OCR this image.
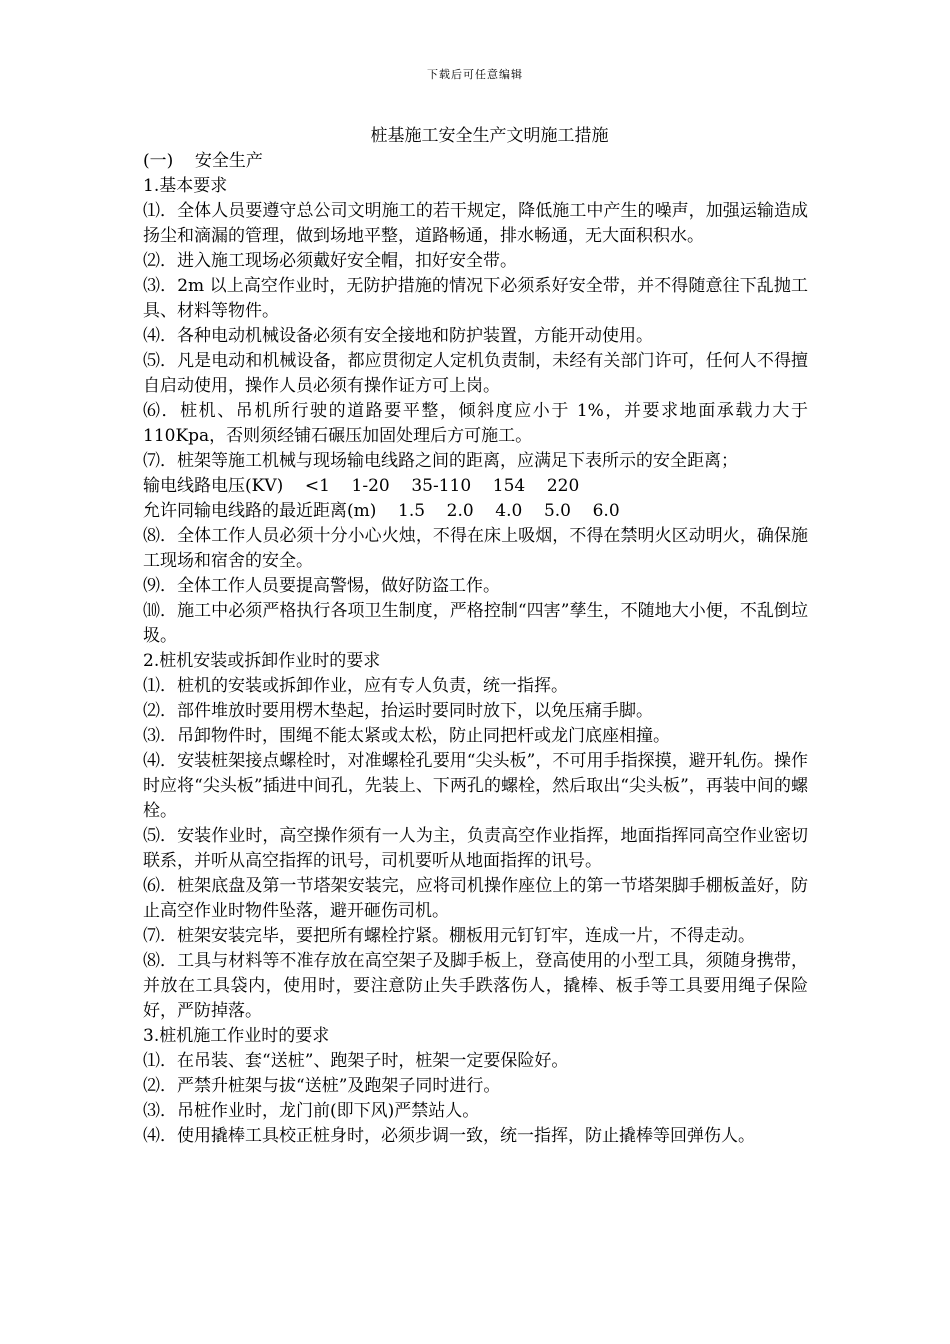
下载后可任意编辑
桩基施工安全生产文明施工措施

(一)    安全生产

1.基本要求

⑴．全体人员要遵守总公司文明施工的若干规定，降低施工中产生的噪声，加强运输造成扬尘和滴漏的管理，做到场地平整，道路畅通，排水畅通，无大面积积水。

⑵．进入施工现场必须戴好安全帽，扣好安全带。

⑶．2m 以上高空作业时，无防护措施的情况下必须系好安全带，并不得随意往下乱抛工具、材料等物件。

⑷．各种电动机械设备必须有安全接地和防护装置，方能开动使用。

⑸．凡是电动和机械设备，都应贯彻定人定机负责制，未经有关部门许可，任何人不得擅自启动使用，操作人员必须有操作证方可上岗。

⑹．桩机、吊机所行驶的道路要平整，倾斜度应小于 1%，并要求地面承载力大于 110Kpa，否则须经铺石碾压加固处理后方可施工。

⑺．桩架等施工机械与现场输电线路之间的距离，应满足下表所示的安全距离；

输电线路电压(KV)    <1    1-20    35-110    154    220

允许同输电线路的最近距离(m)    1.5    2.0    4.0    5.0    6.0

⑻．全体工作人员必须十分小心火烛，不得在床上吸烟，不得在禁明火区动明火，确保施工现场和宿舍的安全。

⑼．全体工作人员要提高警惕，做好防盗工作。

⑽．施工中必须严格执行各项卫生制度，严格控制“四害”孳生，不随地大小便，不乱倒垃圾。

2.桩机安装或拆卸作业时的要求

⑴．桩机的安装或拆卸作业，应有专人负责，统一指挥。

⑵．部件堆放时要用楞木垫起，抬运时要同时放下，以免压痛手脚。

⑶．吊卸物件时，围绳不能太紧或太松，防止同把杆或龙门底座相撞。

⑷．安装桩架接点螺栓时，对准螺栓孔要用“尖头板”，不可用手指探摸，避开轧伤。操作时应将“尖头板”插进中间孔，先装上、下两孔的螺栓，然后取出“尖头板”，再装中间的螺栓。

⑸．安装作业时，高空操作须有一人为主，负责高空作业指挥，地面指挥同高空作业密切联系，并听从高空指挥的讯号，司机要听从地面指挥的讯号。

⑹．桩架底盘及第一节塔架安装完，应将司机操作座位上的第一节塔架脚手棚板盖好，防止高空作业时物件坠落，避开砸伤司机。

⑺．桩架安装完毕，要把所有螺栓拧紧。棚板用元钉钉牢，连成一片，不得走动。

⑻．工具与材料等不准存放在高空架子及脚手板上，登高使用的小型工具，须随身携带，并放在工具袋内，使用时，要注意防止失手跌落伤人，撬棒、板手等工具要用绳子保险好，严防掉落。

3.桩机施工作业时的要求

⑴．在吊装、套“送桩”、跑架子时，桩架一定要保险好。

⑵．严禁升桩架与拔“送桩”及跑架子同时进行。

⑶．吊桩作业时，龙门前(即下风)严禁站人。

⑷．使用撬棒工具校正桩身时，必须步调一致，统一指挥，防止撬棒等回弹伤人。
